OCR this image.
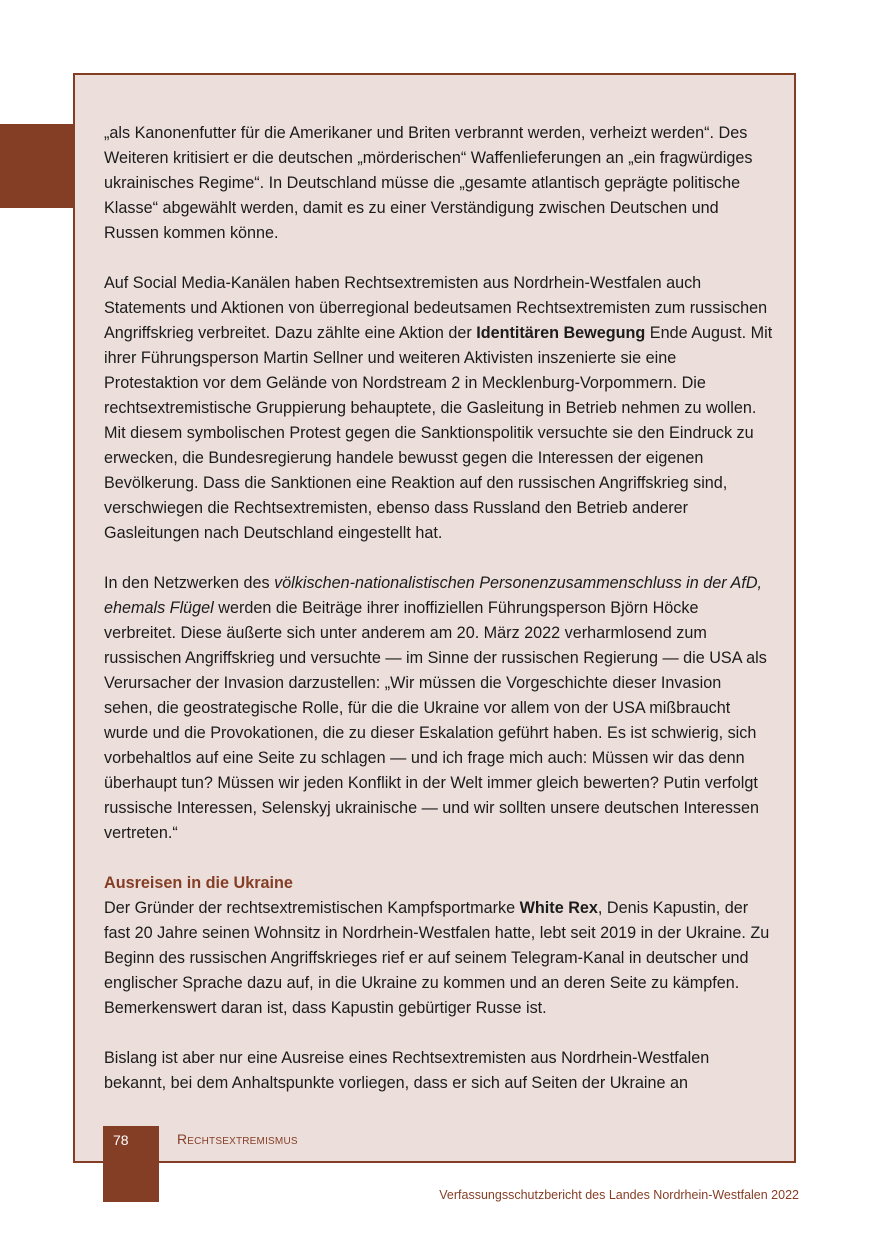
„als Kanonenfutter für die Amerikaner und Briten verbrannt werden, verheizt werden“. Des Weiteren kritisiert er die deutschen „mörderischen“ Waffenlieferungen an „ein fragwürdiges ukrainisches Regime“. In Deutschland müsse die „gesamte atlantisch geprägte politische Klasse“ abgewählt werden, damit es zu einer Verständigung zwischen Deutschen und Russen kommen könne.

Auf Social Media-Kanälen haben Rechtsextremisten aus Nordrhein-Westfalen auch Statements und Aktionen von überregional bedeutsamen Rechtsextremisten zum russischen Angriffskrieg verbreitet. Dazu zählte eine Aktion der Identitären Bewegung Ende August. Mit ihrer Führungsperson Martin Sellner und weiteren Aktivisten inszenierte sie eine Protestaktion vor dem Gelände von Nordstream 2 in Mecklenburg-Vorpommern. Die rechtsextremistische Gruppierung behauptete, die Gasleitung in Betrieb nehmen zu wollen. Mit diesem symbolischen Protest gegen die Sanktionspolitik versuchte sie den Eindruck zu erwecken, die Bundesregierung handele bewusst gegen die Interessen der eigenen Bevölkerung. Dass die Sanktionen eine Reaktion auf den russischen Angriffskrieg sind, verschwiegen die Rechtsextremisten, ebenso dass Russland den Betrieb anderer Gasleitungen nach Deutschland eingestellt hat.

In den Netzwerken des völkischen-nationalistischen Personenzusammenschluss in der AfD, ehemals Flügel werden die Beiträge ihrer inoffiziellen Führungsperson Björn Höcke verbreitet. Diese äußerte sich unter anderem am 20. März 2022 verharmlosend zum russischen Angriffskrieg und versuchte — im Sinne der russischen Regierung — die USA als Verursacher der Invasion darzustellen: „Wir müssen die Vorgeschichte dieser Invasion sehen, die geostrategische Rolle, für die die Ukraine vor allem von der USA mißbraucht wurde und die Provokationen, die zu dieser Eskalation geführt haben. Es ist schwierig, sich vorbehaltlos auf eine Seite zu schlagen — und ich frage mich auch: Müssen wir das denn überhaupt tun? Müssen wir jeden Konflikt in der Welt immer gleich bewerten? Putin verfolgt russische Interessen, Selenskyj ukrainische — und wir sollten unsere deutschen Interessen vertreten.“

Ausreisen in die Ukraine

Der Gründer der rechtsextremistischen Kampfsportmarke White Rex, Denis Kapustin, der fast 20 Jahre seinen Wohnsitz in Nordrhein-Westfalen hatte, lebt seit 2019 in der Ukraine. Zu Beginn des russischen Angriffskrieges rief er auf seinem Telegram-Kanal in deutscher und englischer Sprache dazu auf, in die Ukraine zu kommen und an deren Seite zu kämpfen. Bemerkenswert daran ist, dass Kapustin gebürtiger Russe ist.

Bislang ist aber nur eine Ausreise eines Rechtsextremisten aus Nordrhein-Westfalen bekannt, bei dem Anhaltspunkte vorliegen, dass er sich auf Seiten der Ukraine an

78	Rechtsextremismus
Verfassungsschutzbericht des Landes Nordrhein-Westfalen 2022
